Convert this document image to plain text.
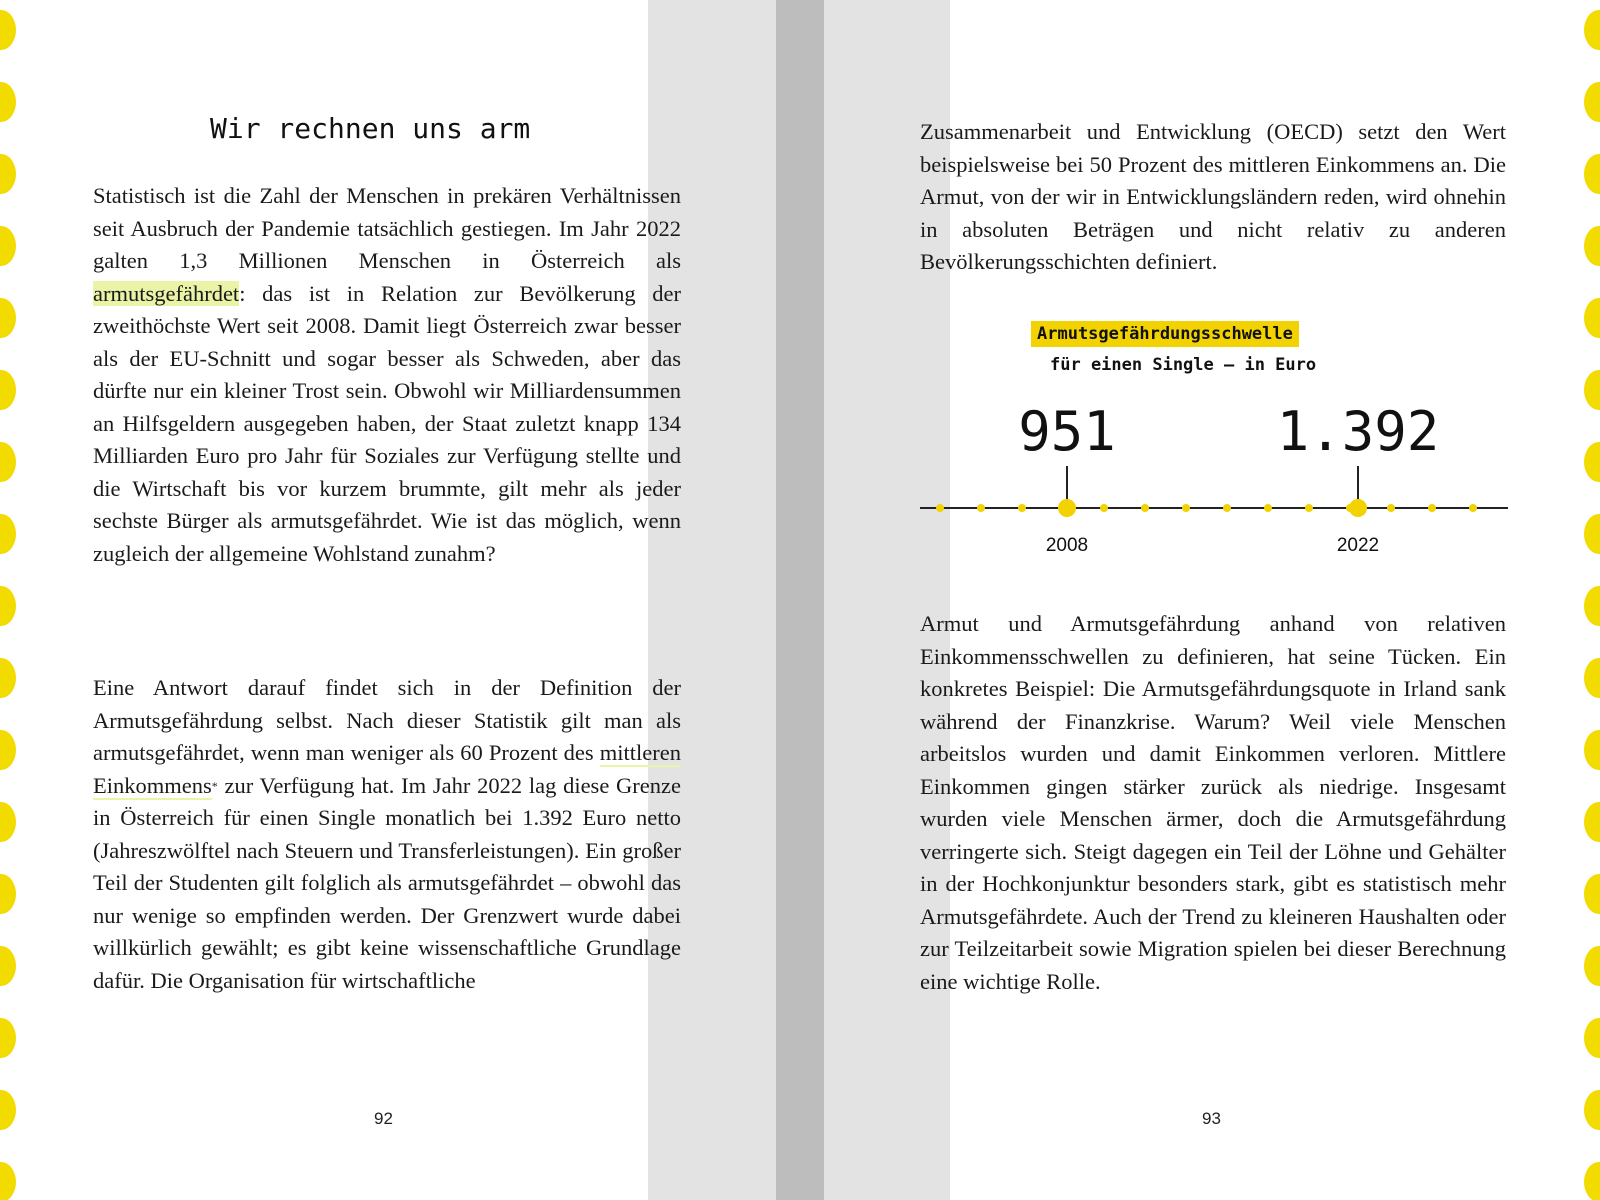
Wir rechnen uns arm

Statistisch ist die Zahl der Menschen in prekären Verhältnissen seit Ausbruch der Pandemie tatsächlich gestiegen. Im Jahr 2022 galten 1,3 Millionen Menschen in Österreich als armutsgefährdet: das ist in Relation zur Bevölkerung der zweithöchste Wert seit 2008. Damit liegt Österreich zwar besser als der EU-Schnitt und sogar besser als Schweden, aber das dürfte nur ein kleiner Trost sein. Obwohl wir Milliardensummen an Hilfsgeldern ausgegeben haben, der Staat zuletzt knapp 134 Milliarden Euro pro Jahr für Soziales zur Verfügung stellte und die Wirtschaft bis vor kurzem brummte, gilt mehr als jeder sechste Bürger als armutsgefährdet. Wie ist das möglich, wenn zugleich der allgemeine Wohlstand zunahm?

Eine Antwort darauf findet sich in der Definition der Armutsgefährdung selbst. Nach dieser Statistik gilt man als armutsgefährdet, wenn man weniger als 60 Prozent des mittleren Einkommens* zur Verfügung hat. Im Jahr 2022 lag diese Grenze in Österreich für einen Single monatlich bei 1.392 Euro netto (Jahreszwölftel nach Steuern und Transferleistungen). Ein großer Teil der Studenten gilt folglich als armutsgefährdet – obwohl das nur wenige so empfinden werden. Der Grenzwert wurde dabei willkürlich gewählt; es gibt keine wissenschaftliche Grundlage dafür. Die Organisation für wirtschaftliche

92	93

Zusammenarbeit und Entwicklung (OECD) setzt den Wert beispielsweise bei 50 Prozent des mittleren Einkommens an. Die Armut, von der wir in Entwicklungsländern reden, wird ohnehin in absoluten Beträgen und nicht relativ zu anderen Bevölkerungsschichten definiert.

Armutsgefährdungsschwelle
für einen Single – in Euro
951	1.392
2008	2022

Armut und Armutsgefährdung anhand von relativen Einkommensschwellen zu definieren, hat seine Tücken. Ein konkretes Beispiel: Die Armutsgefährdungsquote in Irland sank während der Finanzkrise. Warum? Weil viele Menschen arbeitslos wurden und damit Einkommen verloren. Mittlere Einkommen gingen stärker zurück als niedrige. Insgesamt wurden viele Menschen ärmer, doch die Armutsgefährdung verringerte sich. Steigt dagegen ein Teil der Löhne und Gehälter in der Hochkonjunktur besonders stark, gibt es statistisch mehr Armutsgefährdete. Auch der Trend zu kleineren Haushalten oder zur Teilzeitarbeit sowie Migration spielen bei dieser Berechnung eine wichtige Rolle.
